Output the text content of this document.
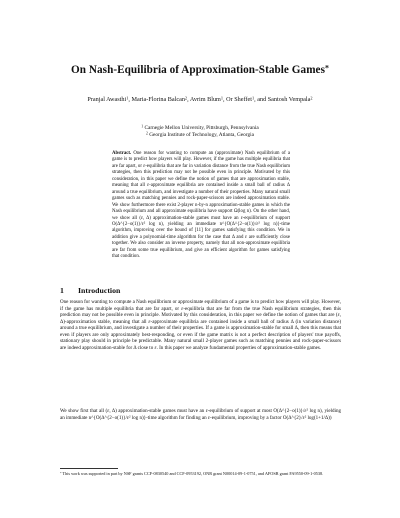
On Nash-Equilibria of Approximation-Stable Games*
Pranjal Awasthi$^1$, Maria-Florina Balcan$^2$, Avrim Blum$^1$, Or Sheffet$^1$, and Santosh Vempala$^2$
$^1$ Carnegie Mellon University, Pittsburgh, Pennsylvania
$^2$ Georgia Institute of Technology, Atlanta, Georgia
Abstract. One reason for wanting to compute an (approximate) Nash equilibrium of a game is to predict how players will play. However, if the game has multiple equilibria that are far apart, or ε-equilibria that are far in variation distance from the true Nash equilibrium strategies, then this prediction may not be possible even in principle. Motivated by this consideration, in this paper we define the notion of games that are approximation stable, meaning that all ε-approximate equilibria are contained inside a small ball of radius Δ around a true equilibrium, and investigate a number of their properties. Many natural small games such as matching pennies and rock-paper-scissors are indeed approximation stable. We show furthermore there exist 2-player n-by-n approximation-stable games in which the Nash equilibrium and all approximate equilibria have support Ω(log n). On the other hand, we show all (ε, Δ) approximation-stable games must have an ε-equilibrium of support O(Δ^{2−o(1)}/ε² log n), yielding an immediate n^{O(Δ^{2−o(1)}/ε² log n)}-time algorithm, improving over the bound of [11] for games satisfying this condition. We in addition give a polynomial-time algorithm for the case that Δ and ε are sufficiently close together. We also consider an inverse property, namely that all non-approximate equilibria are far from some true equilibrium, and give an efficient algorithm for games satisfying that condition.
1 Introduction
One reason for wanting to compute a Nash equilibrium or approximate equilibrium of a game is to predict how players will play. However, if the game has multiple equilibria that are far apart, or ε-equilibria that are far from the true Nash equilibrium strategies, then this prediction may not be possible even in principle. Motivated by this consideration, in this paper we define the notion of games that are (ε, Δ)-approximation stable, meaning that all ε-approximate equilibria are contained inside a small ball of radius Δ (in variation distance) around a true equilibrium, and investigate a number of their properties. If a game is approximation-stable for small Δ, then this means that even if players are only approximately best-responding, or even if the game matrix is not a perfect description of players' true payoffs, stationary play should in principle be predictable. Many natural small 2-player games such as matching pennies and rock-paper-scissors are indeed approximation-stable for Δ close to ε. In this paper we analyze fundamental properties of approximation-stable games.
We show first that all (ε, Δ) approximation-stable games must have an ε-equilibrium of support at most O(Δ^{2−o(1)}/ε² log n), yielding an immediate n^{O(Δ^{2−o(1)}/ε² log n)}-time algorithm for finding an ε-equilibrium, improving by a factor O(Δ^{2}/ε² log(1+1/Δ))
* This work was supported in part by NSF grants CCF-0830540 and CCF-0953192, ONR grant N00014-09-1-0751, and AFOSR grant FA9550-09-1-0538.
